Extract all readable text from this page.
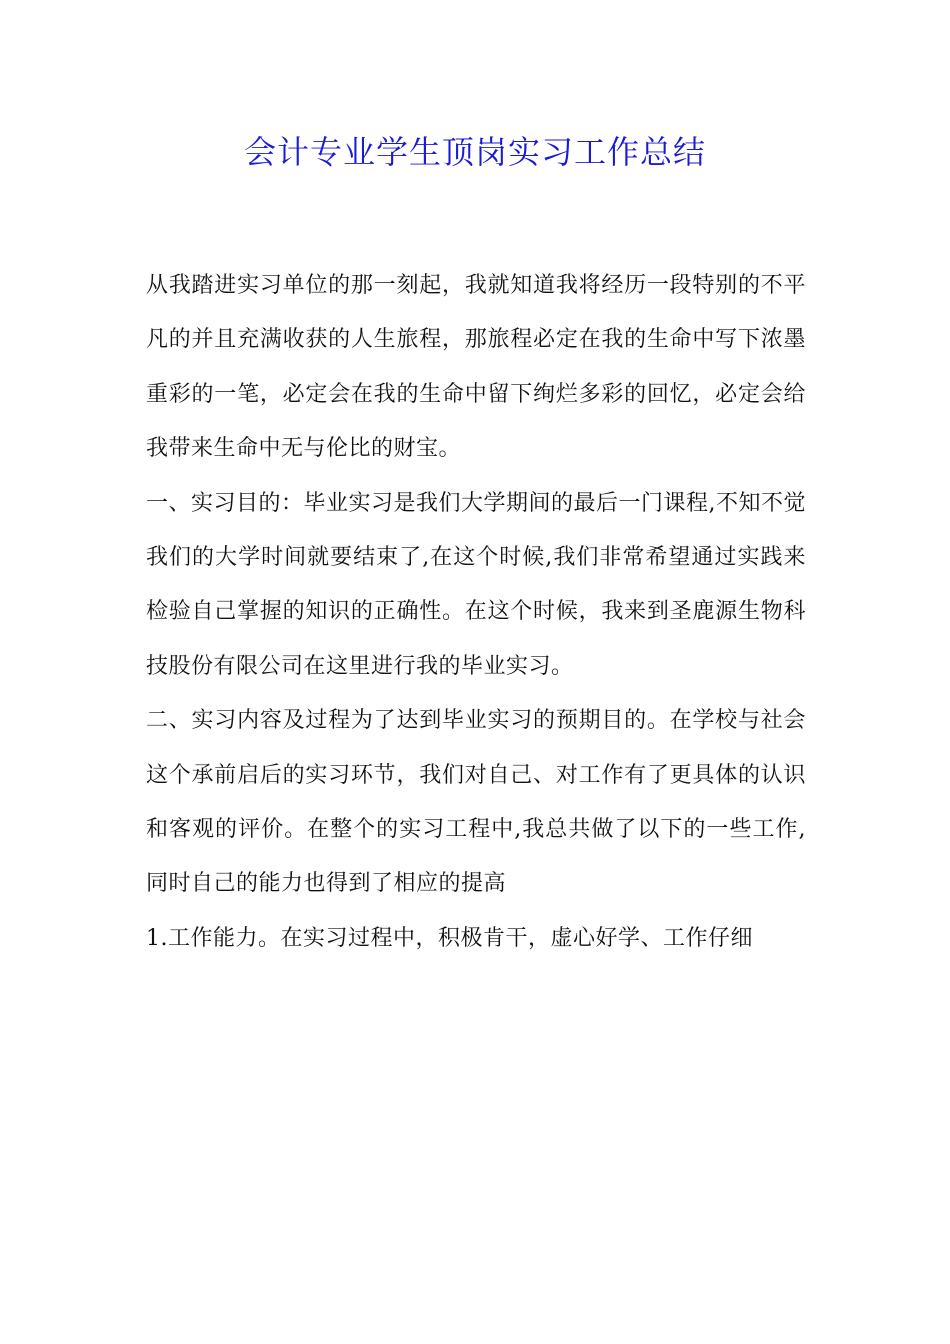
会计专业学生顶岗实习工作总结

从我踏进实习单位的那一刻起，我就知道我将经历一段特别的不平凡的并且充满收获的人生旅程，那旅程必定在我的生命中写下浓墨重彩的一笔，必定会在我的生命中留下绚烂多彩的回忆，必定会给我带来生命中无与伦比的财宝。

一、实习目的：毕业实习是我们大学期间的最后一门课程,不知不觉我们的大学时间就要结束了,在这个时候,我们非常希望通过实践来检验自己掌握的知识的正确性。在这个时候，我来到圣鹿源生物科技股份有限公司在这里进行我的毕业实习。

二、实习内容及过程为了达到毕业实习的预期目的。在学校与社会这个承前启后的实习环节，我们对自己、对工作有了更具体的认识和客观的评价。在整个的实习工程中,我总共做了以下的一些工作,同时自己的能力也得到了相应的提高

1.工作能力。在实习过程中，积极肯干，虚心好学、工作仔细
